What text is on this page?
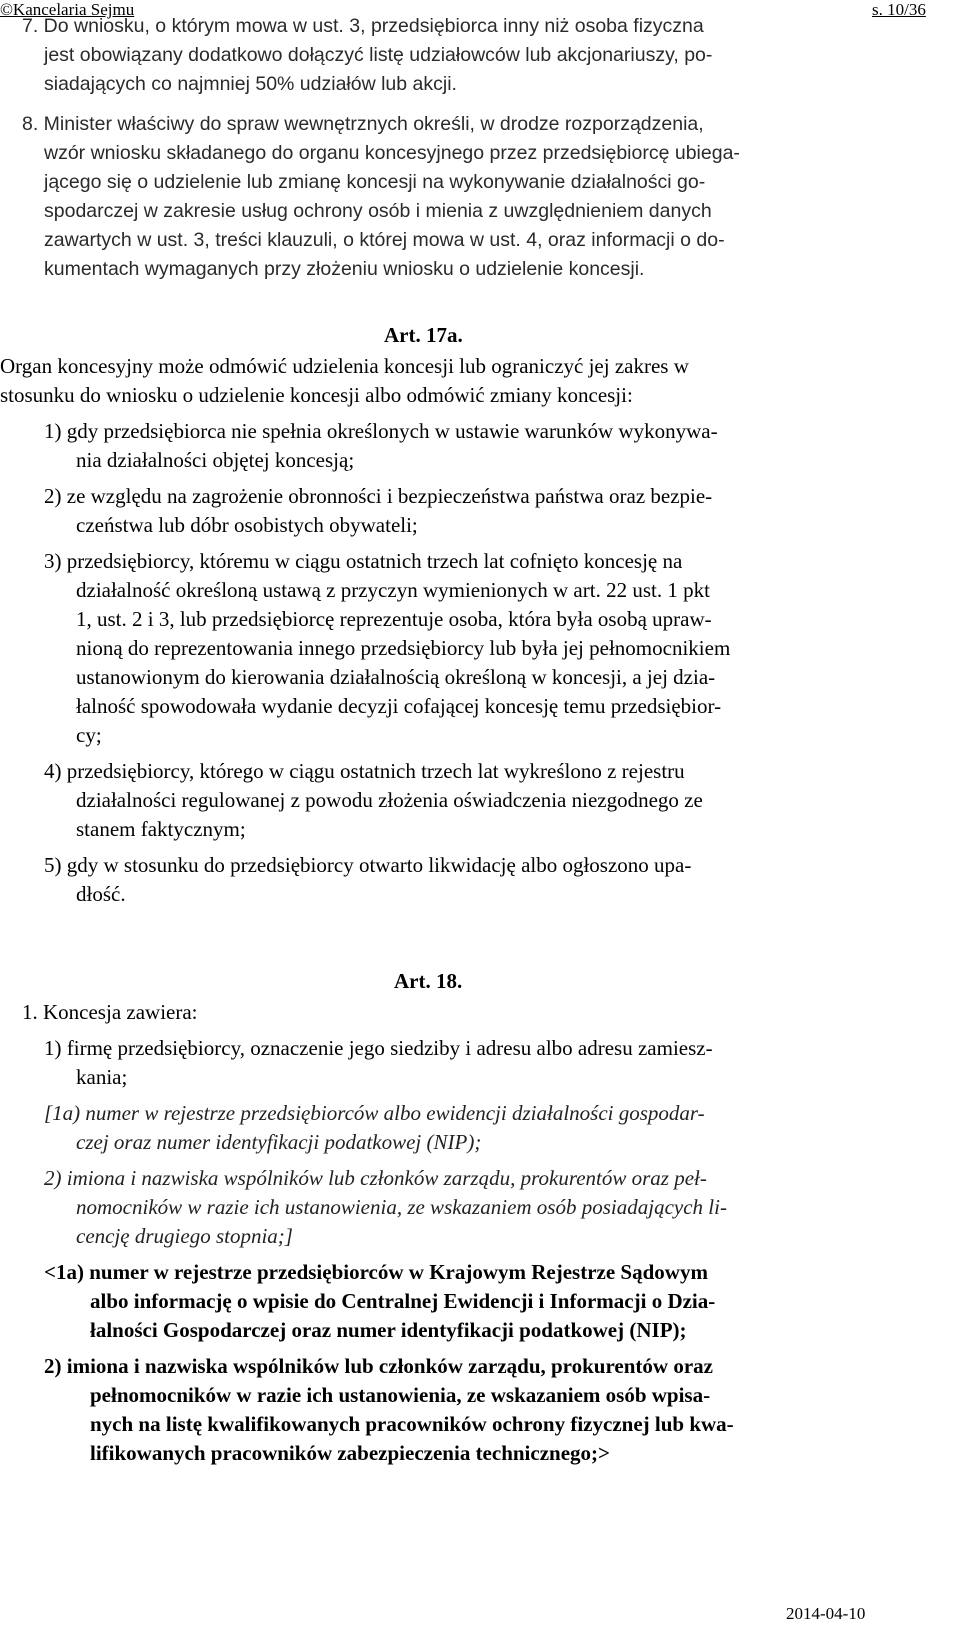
©Kancelaria Sejmu	s. 10/36
7. Do wniosku, o którym mowa w ust. 3, przedsiębiorca inny niż osoba fizyczna
jest obowiązany dodatkowo dołączyć listę udziałowców lub akcjonariuszy, po-
siadających co najmniej 50% udziałów lub akcji.
8. Minister właściwy do spraw wewnętrznych określi, w drodze rozporządzenia,
wzór wniosku składanego do organu koncesyjnego przez przedsiębiorcę ubiega-
jącego się o udzielenie lub zmianę koncesji na wykonywanie działalności go-
spodarczej w zakresie usług ochrony osób i mienia z uwzględnieniem danych
zawartych w ust. 3, treści klauzuli, o której mowa w ust. 4, oraz informacji o do-
kumentach wymaganych przy złożeniu wniosku o udzielenie koncesji.
Art. 17a.
Organ koncesyjny może odmówić udzielenia koncesji lub ograniczyć jej zakres w
stosunku do wniosku o udzielenie koncesji albo odmówić zmiany koncesji:
1) gdy przedsiębiorca nie spełnia określonych w ustawie warunków wykonywa-
nia działalności objętej koncesją;
2) ze względu na zagrożenie obronności i bezpieczeństwa państwa oraz bezpie-
czeństwa lub dóbr osobistych obywateli;
3) przedsiębiorcy, któremu w ciągu ostatnich trzech lat cofnięto koncesję na
działalność określoną ustawą z przyczyn wymienionych w art. 22 ust. 1 pkt
1, ust. 2 i 3, lub przedsiębiorcę reprezentuje osoba, która była osobą upraw-
nioną do reprezentowania innego przedsiębiorcy lub była jej pełnomocnikiem
ustanowionym do kierowania działalnością określoną w koncesji, a jej dzia-
łalność spowodowała wydanie decyzji cofającej koncesję temu przedsiębior-
cy;
4) przedsiębiorcy, którego w ciągu ostatnich trzech lat wykreślono z rejestru
działalności regulowanej z powodu złożenia oświadczenia niezgodnego ze
stanem faktycznym;
5) gdy w stosunku do przedsiębiorcy otwarto likwidację albo ogłoszono upa-
dłość.
Art. 18.
1. Koncesja zawiera:
1) firmę przedsiębiorcy, oznaczenie jego siedziby i adresu albo adresu zamiesz-
kania;
[1a) numer w rejestrze przedsiębiorców albo ewidencji działalności gospodar-
czej oraz numer identyfikacji podatkowej (NIP);
2) imiona i nazwiska wspólników lub członków zarządu, prokurentów oraz peł-
nomocników w razie ich ustanowienia, ze wskazaniem osób posiadających li-
cencję drugiego stopnia;]
<1a) numer w rejestrze przedsiębiorców w Krajowym Rejestrze Sądowym
albo informację o wpisie do Centralnej Ewidencji i Informacji o Dzia-
łalności Gospodarczej oraz numer identyfikacji podatkowej (NIP);
2) imiona i nazwiska wspólników lub członków zarządu, prokurentów oraz
pełnomocników w razie ich ustanowienia, ze wskazaniem osób wpisa-
nych na listę kwalifikowanych pracowników ochrony fizycznej lub kwa-
lifikowanych pracowników zabezpieczenia technicznego;>
2014-04-10
